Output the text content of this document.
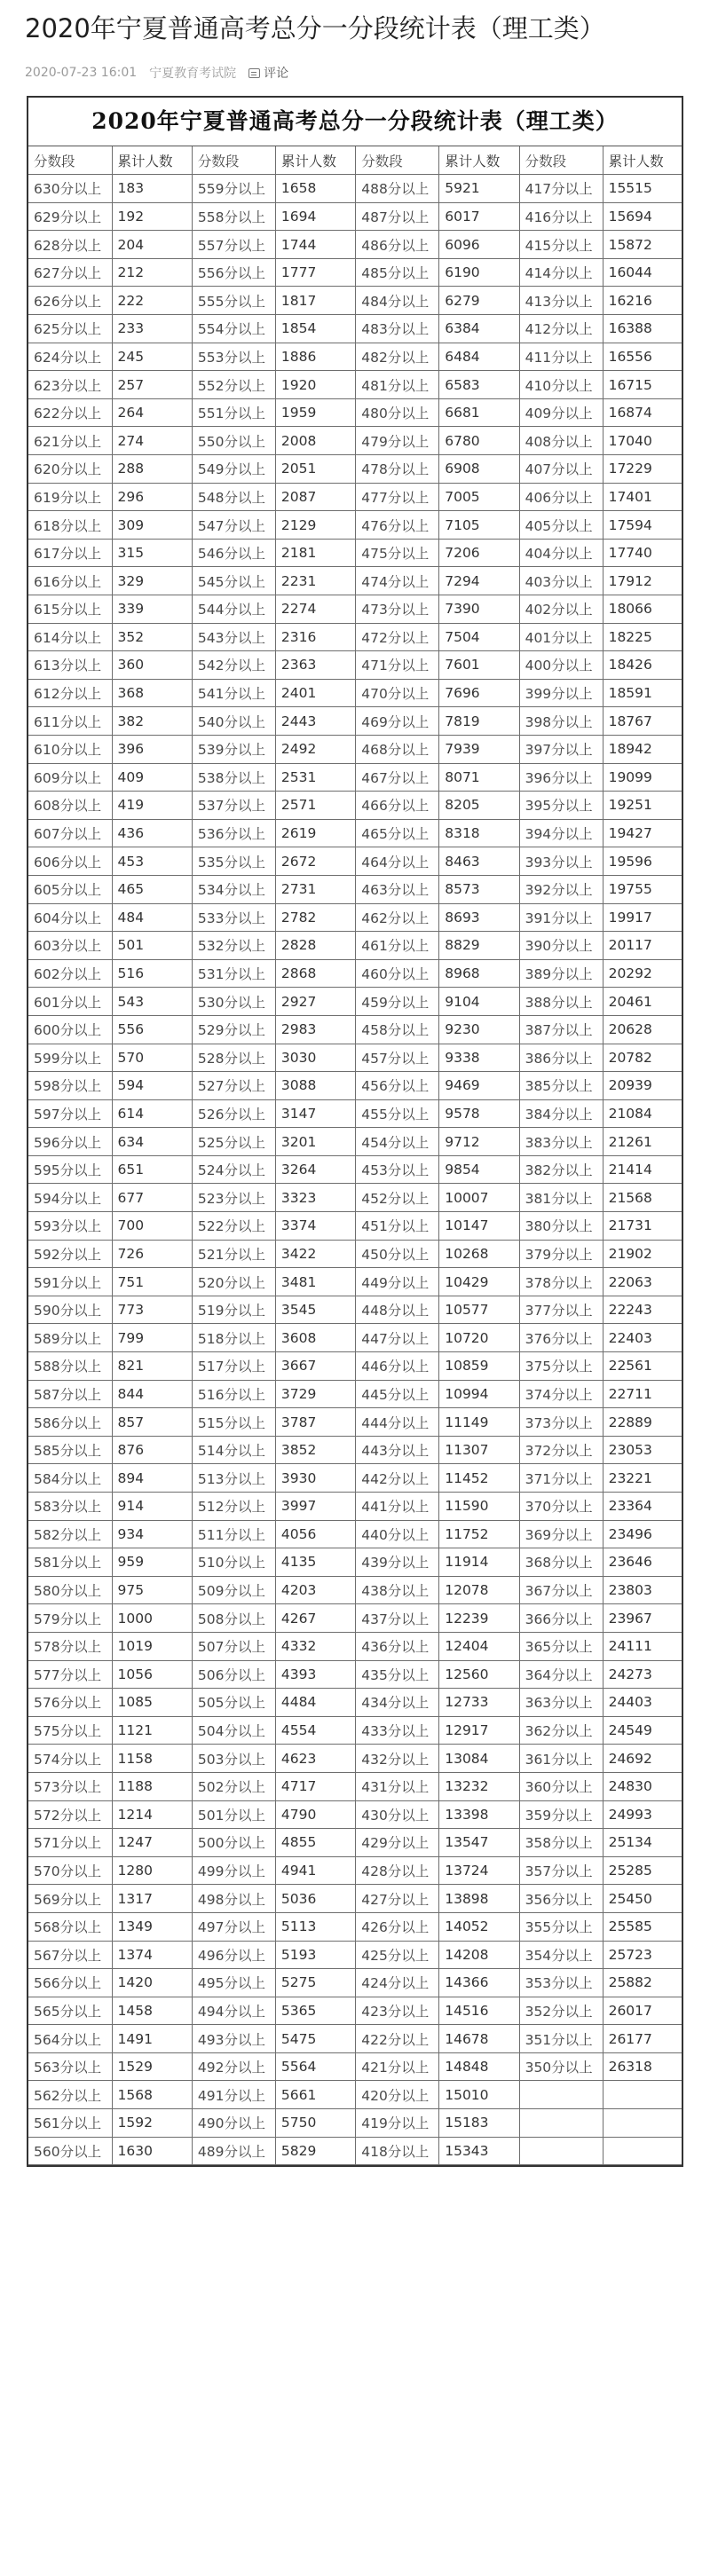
2020年宁夏普通高考总分一分段统计表（理工类）
2020-07-23 16:01 宁夏教育考试院 评论
2020年宁夏普通高考总分一分段统计表（理工类）
分数段	累计人数	分数段	累计人数	分数段	累计人数	分数段	累计人数
630分以上	183	559分以上	1658	488分以上	5921	417分以上	15515
629分以上	192	558分以上	1694	487分以上	6017	416分以上	15694
628分以上	204	557分以上	1744	486分以上	6096	415分以上	15872
627分以上	212	556分以上	1777	485分以上	6190	414分以上	16044
626分以上	222	555分以上	1817	484分以上	6279	413分以上	16216
625分以上	233	554分以上	1854	483分以上	6384	412分以上	16388
624分以上	245	553分以上	1886	482分以上	6484	411分以上	16556
623分以上	257	552分以上	1920	481分以上	6583	410分以上	16715
622分以上	264	551分以上	1959	480分以上	6681	409分以上	16874
621分以上	274	550分以上	2008	479分以上	6780	408分以上	17040
620分以上	288	549分以上	2051	478分以上	6908	407分以上	17229
619分以上	296	548分以上	2087	477分以上	7005	406分以上	17401
618分以上	309	547分以上	2129	476分以上	7105	405分以上	17594
617分以上	315	546分以上	2181	475分以上	7206	404分以上	17740
616分以上	329	545分以上	2231	474分以上	7294	403分以上	17912
615分以上	339	544分以上	2274	473分以上	7390	402分以上	18066
614分以上	352	543分以上	2316	472分以上	7504	401分以上	18225
613分以上	360	542分以上	2363	471分以上	7601	400分以上	18426
612分以上	368	541分以上	2401	470分以上	7696	399分以上	18591
611分以上	382	540分以上	2443	469分以上	7819	398分以上	18767
610分以上	396	539分以上	2492	468分以上	7939	397分以上	18942
609分以上	409	538分以上	2531	467分以上	8071	396分以上	19099
608分以上	419	537分以上	2571	466分以上	8205	395分以上	19251
607分以上	436	536分以上	2619	465分以上	8318	394分以上	19427
606分以上	453	535分以上	2672	464分以上	8463	393分以上	19596
605分以上	465	534分以上	2731	463分以上	8573	392分以上	19755
604分以上	484	533分以上	2782	462分以上	8693	391分以上	19917
603分以上	501	532分以上	2828	461分以上	8829	390分以上	20117
602分以上	516	531分以上	2868	460分以上	8968	389分以上	20292
601分以上	543	530分以上	2927	459分以上	9104	388分以上	20461
600分以上	556	529分以上	2983	458分以上	9230	387分以上	20628
599分以上	570	528分以上	3030	457分以上	9338	386分以上	20782
598分以上	594	527分以上	3088	456分以上	9469	385分以上	20939
597分以上	614	526分以上	3147	455分以上	9578	384分以上	21084
596分以上	634	525分以上	3201	454分以上	9712	383分以上	21261
595分以上	651	524分以上	3264	453分以上	9854	382分以上	21414
594分以上	677	523分以上	3323	452分以上	10007	381分以上	21568
593分以上	700	522分以上	3374	451分以上	10147	380分以上	21731
592分以上	726	521分以上	3422	450分以上	10268	379分以上	21902
591分以上	751	520分以上	3481	449分以上	10429	378分以上	22063
590分以上	773	519分以上	3545	448分以上	10577	377分以上	22243
589分以上	799	518分以上	3608	447分以上	10720	376分以上	22403
588分以上	821	517分以上	3667	446分以上	10859	375分以上	22561
587分以上	844	516分以上	3729	445分以上	10994	374分以上	22711
586分以上	857	515分以上	3787	444分以上	11149	373分以上	22889
585分以上	876	514分以上	3852	443分以上	11307	372分以上	23053
584分以上	894	513分以上	3930	442分以上	11452	371分以上	23221
583分以上	914	512分以上	3997	441分以上	11590	370分以上	23364
582分以上	934	511分以上	4056	440分以上	11752	369分以上	23496
581分以上	959	510分以上	4135	439分以上	11914	368分以上	23646
580分以上	975	509分以上	4203	438分以上	12078	367分以上	23803
579分以上	1000	508分以上	4267	437分以上	12239	366分以上	23967
578分以上	1019	507分以上	4332	436分以上	12404	365分以上	24111
577分以上	1056	506分以上	4393	435分以上	12560	364分以上	24273
576分以上	1085	505分以上	4484	434分以上	12733	363分以上	24403
575分以上	1121	504分以上	4554	433分以上	12917	362分以上	24549
574分以上	1158	503分以上	4623	432分以上	13084	361分以上	24692
573分以上	1188	502分以上	4717	431分以上	13232	360分以上	24830
572分以上	1214	501分以上	4790	430分以上	13398	359分以上	24993
571分以上	1247	500分以上	4855	429分以上	13547	358分以上	25134
570分以上	1280	499分以上	4941	428分以上	13724	357分以上	25285
569分以上	1317	498分以上	5036	427分以上	13898	356分以上	25450
568分以上	1349	497分以上	5113	426分以上	14052	355分以上	25585
567分以上	1374	496分以上	5193	425分以上	14208	354分以上	25723
566分以上	1420	495分以上	5275	424分以上	14366	353分以上	25882
565分以上	1458	494分以上	5365	423分以上	14516	352分以上	26017
564分以上	1491	493分以上	5475	422分以上	14678	351分以上	26177
563分以上	1529	492分以上	5564	421分以上	14848	350分以上	26318
562分以上	1568	491分以上	5661	420分以上	15010		
561分以上	1592	490分以上	5750	419分以上	15183		
560分以上	1630	489分以上	5829	418分以上	15343		
